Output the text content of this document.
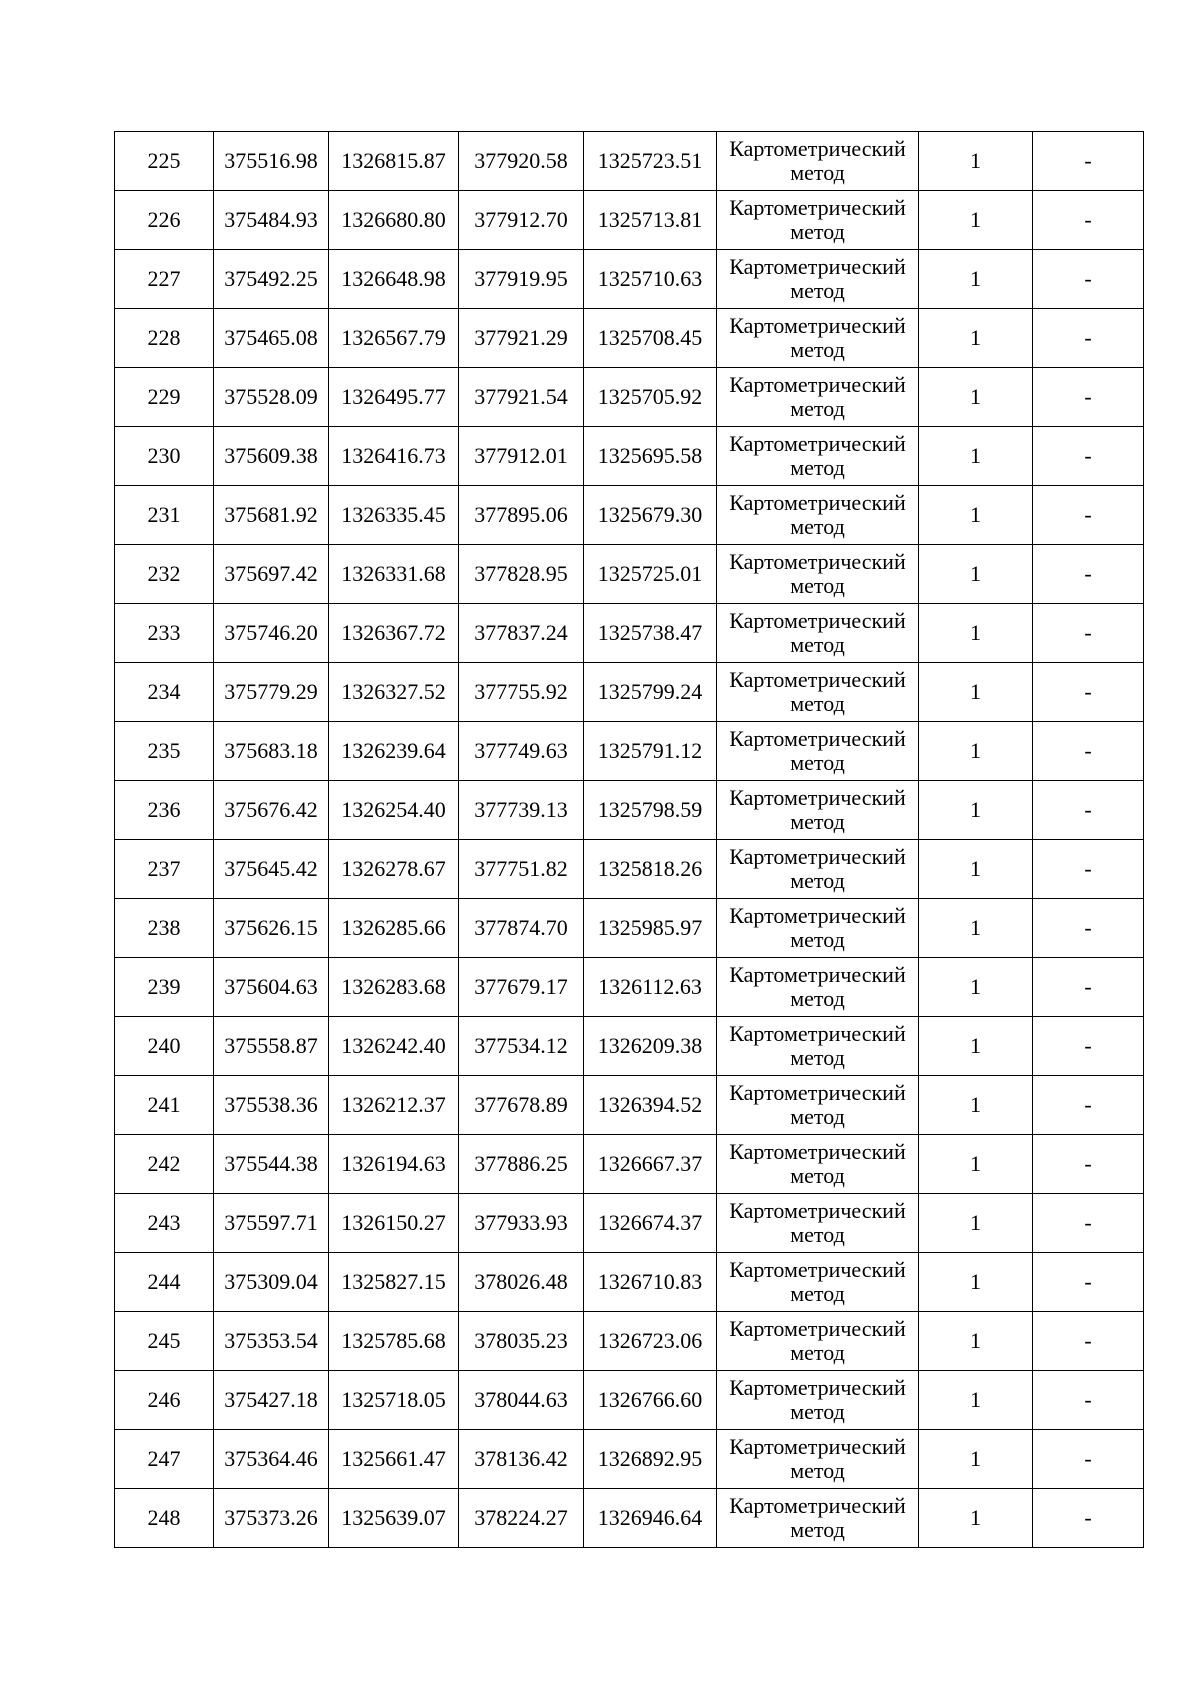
225	375516.98	1326815.87	377920.58	1325723.51	Картометрический метод	1	-
226	375484.93	1326680.80	377912.70	1325713.81	Картометрический метод	1	-
227	375492.25	1326648.98	377919.95	1325710.63	Картометрический метод	1	-
228	375465.08	1326567.79	377921.29	1325708.45	Картометрический метод	1	-
229	375528.09	1326495.77	377921.54	1325705.92	Картометрический метод	1	-
230	375609.38	1326416.73	377912.01	1325695.58	Картометрический метод	1	-
231	375681.92	1326335.45	377895.06	1325679.30	Картометрический метод	1	-
232	375697.42	1326331.68	377828.95	1325725.01	Картометрический метод	1	-
233	375746.20	1326367.72	377837.24	1325738.47	Картометрический метод	1	-
234	375779.29	1326327.52	377755.92	1325799.24	Картометрический метод	1	-
235	375683.18	1326239.64	377749.63	1325791.12	Картометрический метод	1	-
236	375676.42	1326254.40	377739.13	1325798.59	Картометрический метод	1	-
237	375645.42	1326278.67	377751.82	1325818.26	Картометрический метод	1	-
238	375626.15	1326285.66	377874.70	1325985.97	Картометрический метод	1	-
239	375604.63	1326283.68	377679.17	1326112.63	Картометрический метод	1	-
240	375558.87	1326242.40	377534.12	1326209.38	Картометрический метод	1	-
241	375538.36	1326212.37	377678.89	1326394.52	Картометрический метод	1	-
242	375544.38	1326194.63	377886.25	1326667.37	Картометрический метод	1	-
243	375597.71	1326150.27	377933.93	1326674.37	Картометрический метод	1	-
244	375309.04	1325827.15	378026.48	1326710.83	Картометрический метод	1	-
245	375353.54	1325785.68	378035.23	1326723.06	Картометрический метод	1	-
246	375427.18	1325718.05	378044.63	1326766.60	Картометрический метод	1	-
247	375364.46	1325661.47	378136.42	1326892.95	Картометрический метод	1	-
248	375373.26	1325639.07	378224.27	1326946.64	Картометрический метод	1	-
